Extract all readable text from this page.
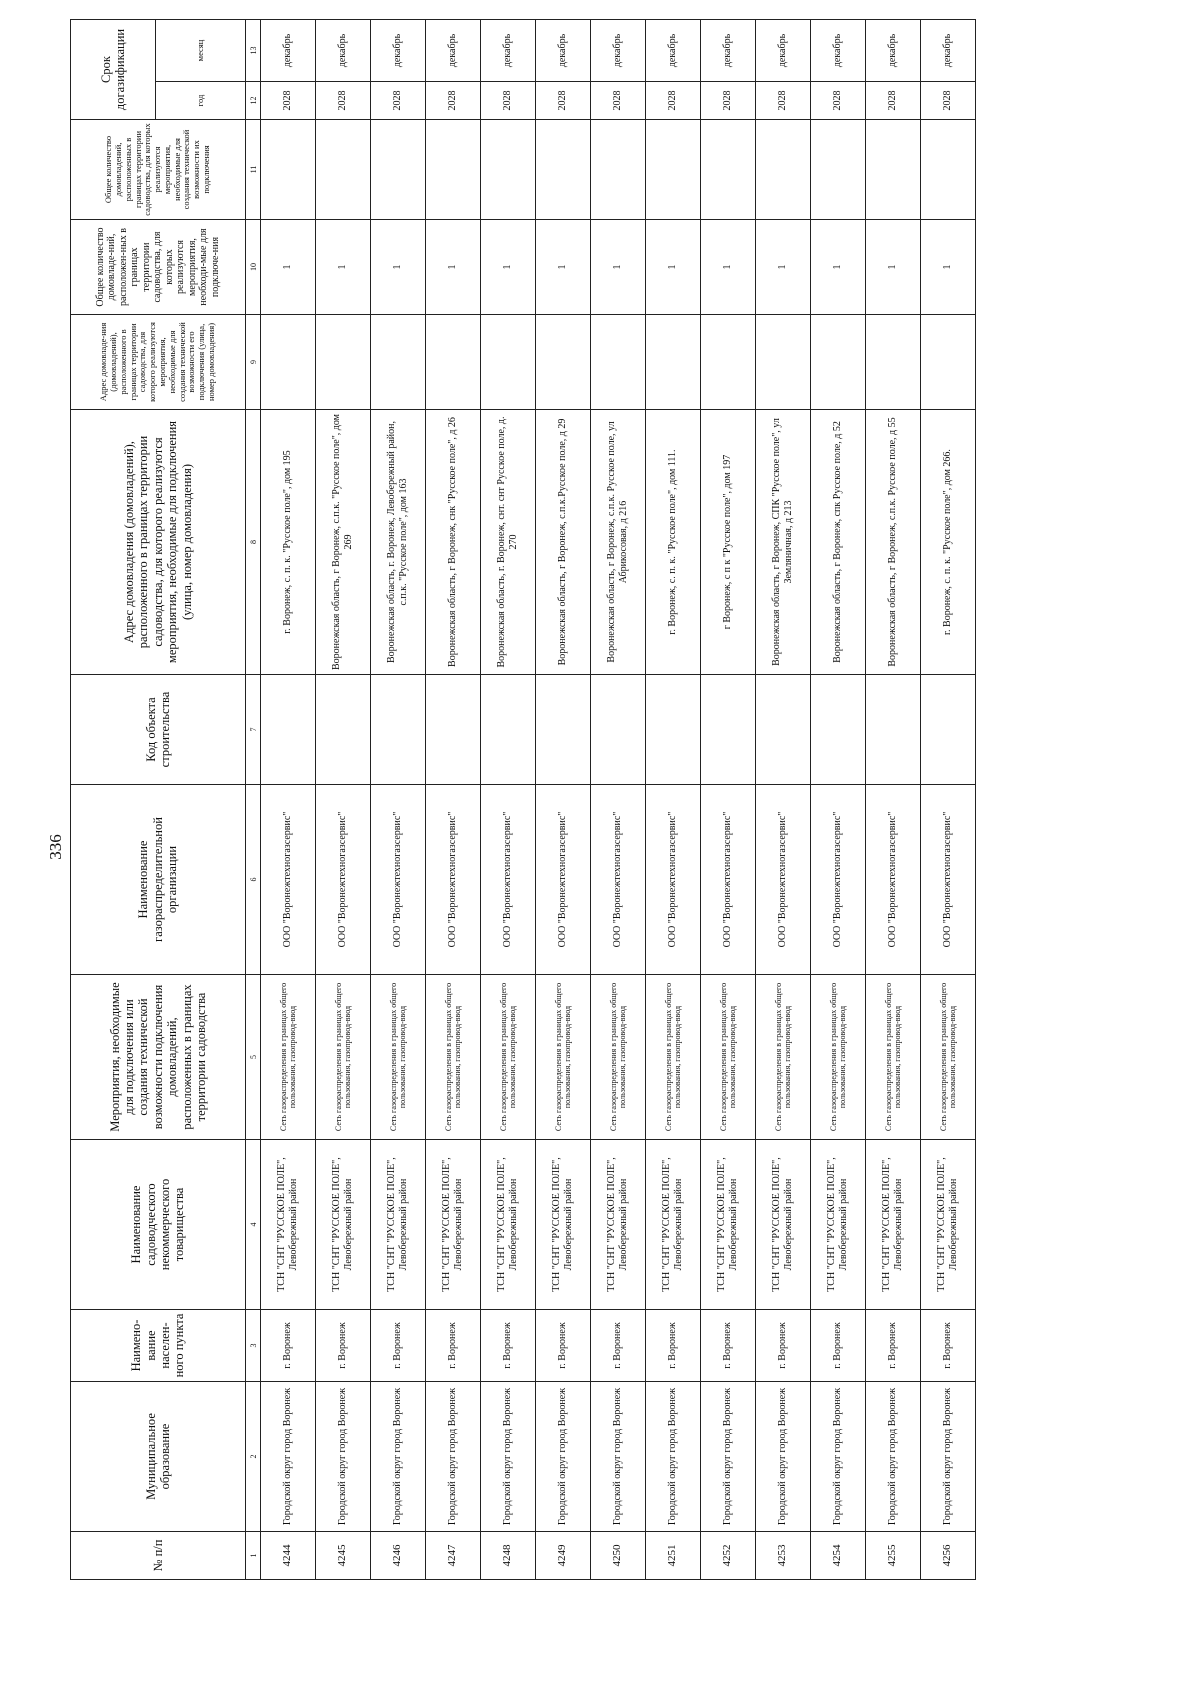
336
№ п/п	Муниципальное образование	Наимено-вание населен-ного пункта	Наименование садоводческого некоммерческого товарищества	Мероприятия, необходимые для подключения или создания технической возможности подключения домовладений, расположенных в границах территории садоводства	Наименование газораспределительной организации	Код объекта строительства	Адрес домовладения (домовладений), расположенного в границах территории садоводства, для которого реализуются мероприятия, необходимые для подключения (улица, номер домовладения)	Адрес домовладе-ния (домовладений), расположенного в границах территории садоводства, для которого реализуются мероприятия, необходимые для создания технической возможности его подключения (улица, номер домовладения)	Общее количество домовладе-ний, расположен-ных в границах территории садоводства, для которых реализуются мероприятия, необходи-мые для подключе-ния	Общее количество домовладений, расположенных в границах территории садоводства, для которых реализуются мероприятия, необходимые для создания технической возможности их подключения	Срок догазификации	
											год	месяц
1	2	3	4	5	6	7	8	9	10	11	12	13
4244	Городской округ город Воронеж	г. Воронеж	ТСН "СНТ "РУССКОЕ ПОЛЕ", Левобережный район	Сеть газораспределения в границах общего пользования, газопровод-ввод	ООО "Воронежтехногазсервис"		г. Воронеж, с. п. к. "Русское поле", дом 195		1		2028	декабрь
4245	Городской округ город Воронеж	г. Воронеж	ТСН "СНТ "РУССКОЕ ПОЛЕ", Левобережный район	Сеть газораспределения в границах общего пользования, газопровод-ввод	ООО "Воронежтехногазсервис"		Воронежская область, г Воронеж, с.п.к. "Русское поле", дом 269		1		2028	декабрь
4246	Городской округ город Воронеж	г. Воронеж	ТСН "СНТ "РУССКОЕ ПОЛЕ", Левобережный район	Сеть газораспределения в границах общего пользования, газопровод-ввод	ООО "Воронежтехногазсервис"		Воронежская область, г. Воронеж, Левобережный район, с.п.к. "Русское поле", дом 163		1		2028	декабрь
4247	Городской округ город Воронеж	г. Воронеж	ТСН "СНТ "РУССКОЕ ПОЛЕ", Левобережный район	Сеть газораспределения в границах общего пользования, газопровод-ввод	ООО "Воронежтехногазсервис"		Воронежская область, г Воронеж, снк "Русское поле", д 26		1		2028	декабрь
4248	Городской округ город Воронеж	г. Воронеж	ТСН "СНТ "РУССКОЕ ПОЛЕ", Левобережный район	Сеть газораспределения в границах общего пользования, газопровод-ввод	ООО "Воронежтехногазсервис"		Воронежская область, г. Воронеж, снт. снт Русское поле, д. 270		1		2028	декабрь
4249	Городской округ город Воронеж	г. Воронеж	ТСН "СНТ "РУССКОЕ ПОЛЕ", Левобережный район	Сеть газораспределения в границах общего пользования, газопровод-ввод	ООО "Воронежтехногазсервис"		Воронежская область, г Воронеж, с.п.к.Русское поле, д 29		1		2028	декабрь
4250	Городской округ город Воронеж	г. Воронеж	ТСН "СНТ "РУССКОЕ ПОЛЕ", Левобережный район	Сеть газораспределения в границах общего пользования, газопровод-ввод	ООО "Воронежтехногазсервис"		Воронежская область, г Воронеж, с.п.к. Русское поле, ул Абрикосовая, д 216		1		2028	декабрь
4251	Городской округ город Воронеж	г. Воронеж	ТСН "СНТ "РУССКОЕ ПОЛЕ", Левобережный район	Сеть газораспределения в границах общего пользования, газопровод-ввод	ООО "Воронежтехногазсервис"		г. Воронеж, с. п. к. "Русское поле", дом 111.		1		2028	декабрь
4252	Городской округ город Воронеж	г. Воронеж	ТСН "СНТ "РУССКОЕ ПОЛЕ", Левобережный район	Сеть газораспределения в границах общего пользования, газопровод-ввод	ООО "Воронежтехногазсервис"		г Воронеж, с п к "Русское поле", дом 197		1		2028	декабрь
4253	Городской округ город Воронеж	г. Воронеж	ТСН "СНТ "РУССКОЕ ПОЛЕ", Левобережный район	Сеть газораспределения в границах общего пользования, газопровод-ввод	ООО "Воронежтехногазсервис"		Воронежская область, г Воронеж, СПК "Русское поле", ул Земляничная, д 213		1		2028	декабрь
4254	Городской округ город Воронеж	г. Воронеж	ТСН "СНТ "РУССКОЕ ПОЛЕ", Левобережный район	Сеть газораспределения в границах общего пользования, газопровод-ввод	ООО "Воронежтехногазсервис"		Воронежская область, г Воронеж, спк Русское поле, д 52		1		2028	декабрь
4255	Городской округ город Воронеж	г. Воронеж	ТСН "СНТ "РУССКОЕ ПОЛЕ", Левобережный район	Сеть газораспределения в границах общего пользования, газопровод-ввод	ООО "Воронежтехногазсервис"		Воронежская область, г Воронеж, с.п.к. Русское поле, д 55		1		2028	декабрь
4256	Городской округ город Воронеж	г. Воронеж	ТСН "СНТ "РУССКОЕ ПОЛЕ", Левобережный район	Сеть газораспределения в границах общего пользования, газопровод-ввод	ООО "Воронежтехногазсервис"		г. Воронеж, с. п. к. "Русское поле", дом 266.		1		2028	декабрь
